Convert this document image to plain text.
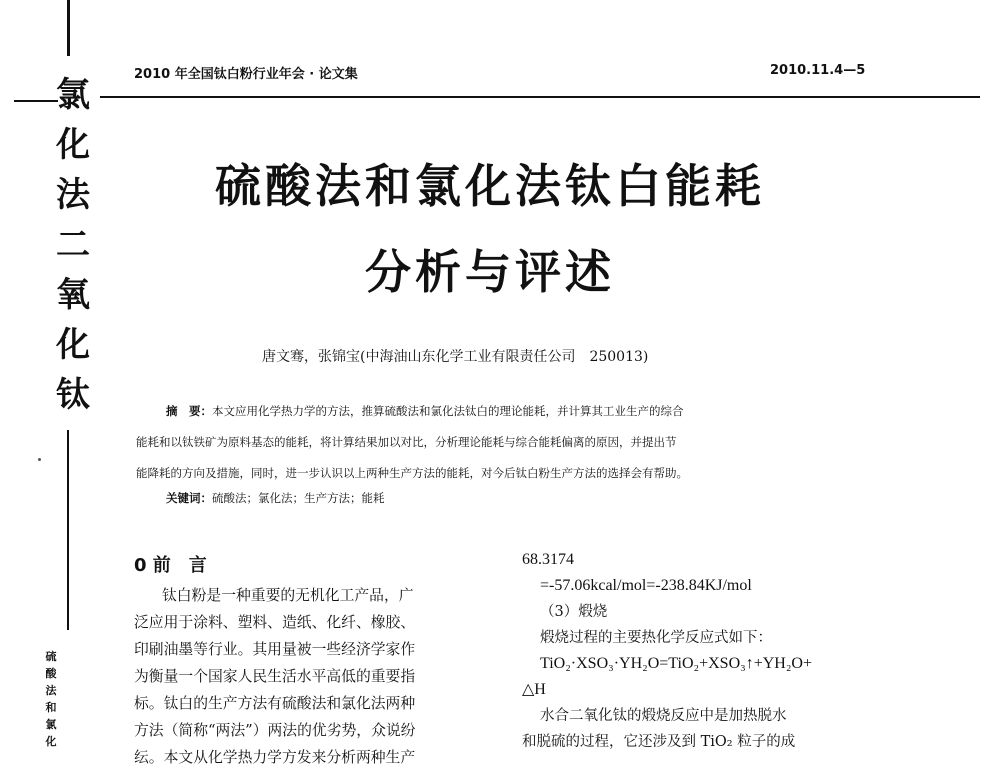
氯
化
法
二
氧
化
钛
硫
酸
法
和
氯
化
2010 年全国钛白粉行业年会 · 论文集	2010.11.4—5
硫酸法和氯化法钛白能耗
分析与评述
唐文骞，张锦宝(中海油山东化学工业有限责任公司　250013)
摘　要：本文应用化学热力学的方法，推算硫酸法和氯化法钛白的理论能耗，并计算其工业生产的综合
能耗和以钛铁矿为原料基态的能耗，将计算结果加以对比，分析理论能耗与综合能耗偏离的原因，并提出节
能降耗的方向及措施，同时，进一步认识以上两种生产方法的能耗，对今后钛白粉生产方法的选择会有帮助。
关键词：硫酸法；氯化法；生产方法；能耗
0 前　言
钛白粉是一种重要的无机化工产品，广
泛应用于涂料、塑料、造纸、化纤、橡胶、
印刷油墨等行业。其用量被一些经济学家作
为衡量一个国家人民生活水平高低的重要指
标。钛白的生产方法有硫酸法和氯化法两种
方法（简称“两法”）两法的优劣势，众说纷
纭。本文从化学热力学方发来分析两种生产
68.3174
=-57.06kcal/mol=-238.84KJ/mol
（3）煅烧
煅烧过程的主要热化学反应式如下：
TiO₂·XSO₃·YH₂O=TiO₂+XSO₃↑+YH₂O+
△H
水合二氧化钛的煅烧反应中是加热脱水
和脱硫的过程，它还涉及到 TiO₂ 粒子的成
